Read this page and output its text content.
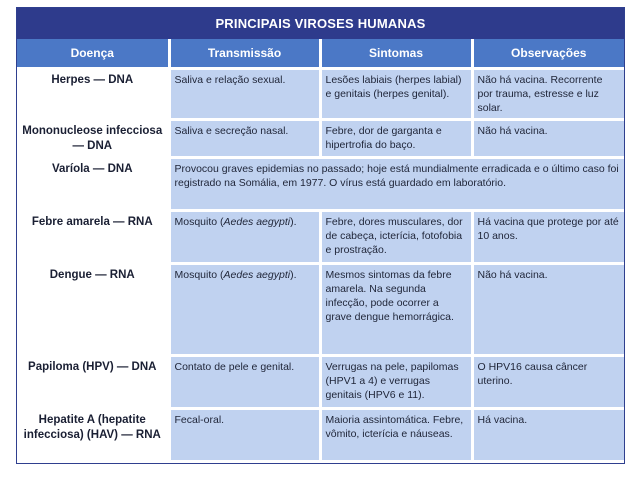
PRINCIPAIS VIROSES HUMANAS
Doença	Transmissão	Sintomas	Observações
Herpes — DNA	Saliva e relação sexual.	Lesões labiais (herpes labial) e genitais (herpes genital).	Não há vacina. Recorrente por trauma, estresse e luz solar.
Mononucleose infecciosa — DNA	Saliva e secreção nasal.	Febre, dor de garganta e hipertrofia do baço.	Não há vacina.
Varíola — DNA	Provocou graves epidemias no passado; hoje está mundialmente erradicada e o último caso foi registrado na Somália, em 1977. O vírus está guardado em laboratório.		
Febre amarela — RNA	Mosquito (Aedes aegypti).	Febre, dores musculares, dor de cabeça, icterícia, fotofobia e prostração.	Há vacina que protege por até 10 anos.
Dengue — RNA	Mosquito (Aedes aegypti).	Mesmos sintomas da febre amarela. Na segunda infecção, pode ocorrer a grave dengue hemorrágica.	Não há vacina.
Papiloma (HPV) — DNA	Contato de pele e genital.	Verrugas na pele, papilomas (HPV1 a 4) e verrugas genitais (HPV6 e 11).	O HPV16 causa câncer uterino.
Hepatite A (hepatite infecciosa) (HAV) — RNA	Fecal-oral.	Maioria assintomática. Febre, vômito, icterícia e náuseas.	Há vacina.
